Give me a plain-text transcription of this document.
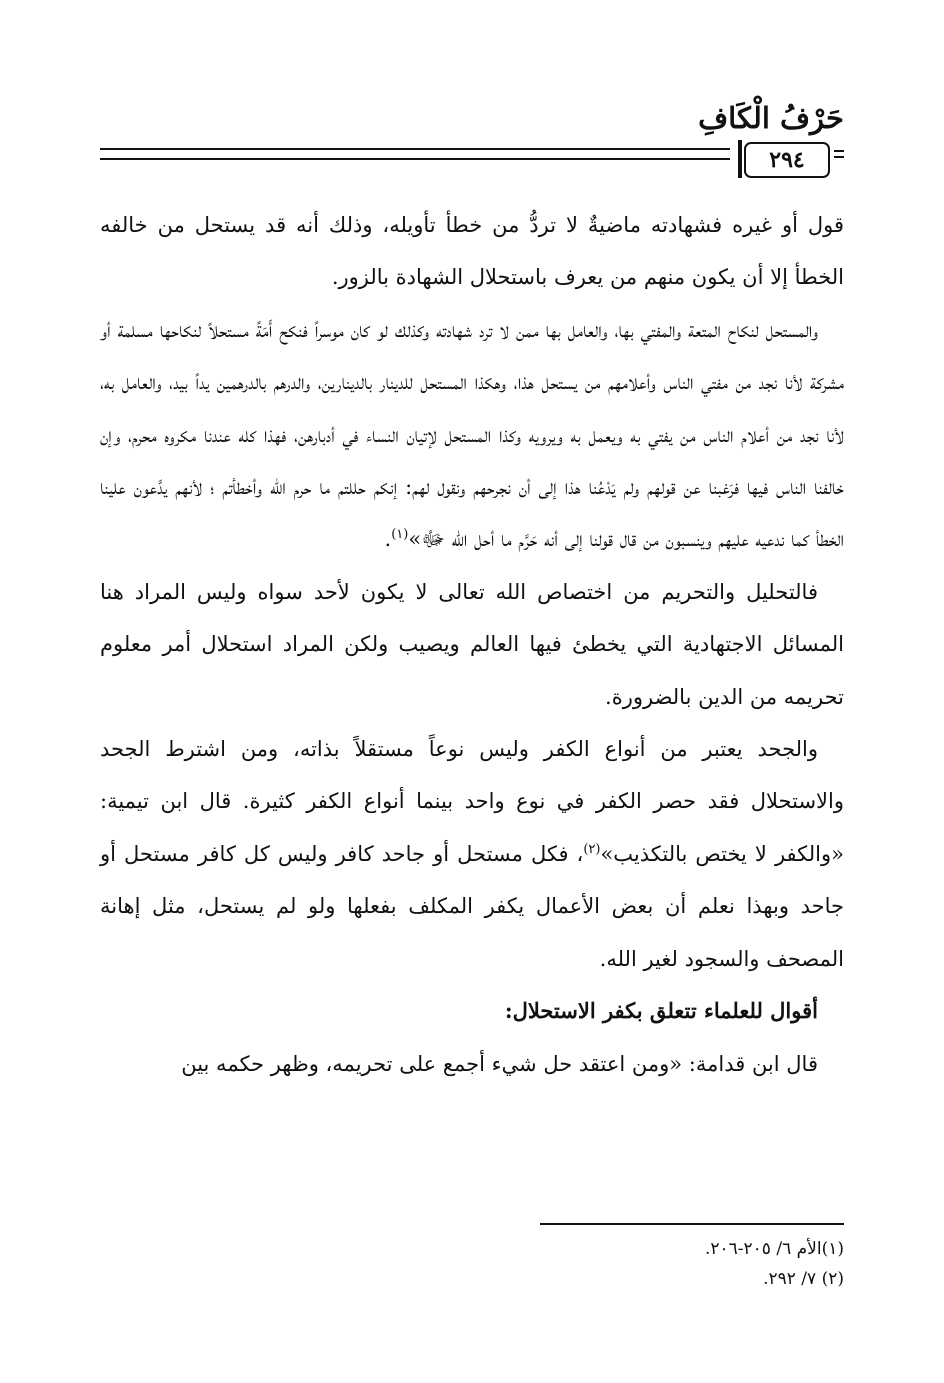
حَرْفُ الْكَافِ
٢٩٤

قول أو غيره فشهادته ماضيةٌ لا تردُّ من خطأ تأويله، وذلك أنه قد يستحل من خالفه الخطأ إلا أن يكون منهم من يعرف باستحلال الشهادة بالزور.

والمستحل لنكاح المتعة والمفتي بها، والعامل بها ممن لا ترد شهادته وكذلك لو كان موسراً فنكح أَمَةً مستحلاً لنكاحها مسلمة أو مشركة لأنا نجد من مفتي الناس وأعلامهم من يستحل هذا، وهكذا المستحل للدينار بالدينارين، والدرهم بالدرهمين يداً بيد، والعامل به، لأنا نجد من أعلام الناس من يفتي به ويعمل به ويرويه وكذا المستحل لإتيان النساء في أدبارهن، فهذا كله عندنا مكروه محرم، وإن خالفنا الناس فيها فرَغبنا عن قولهم ولم يَدْعُنا هذا إلى أن نجرحهم ونقول لهم: إنكم حللتم ما حرم الله وأخطأتم ؛ لأنهم يدَّعون علينا الخطأ كما ندعيه عليهم وينسبون من قال قولنا إلى أنه حَرَّم ما أحل الله ﷻ»$^{(١)}$.

فالتحليل والتحريم من اختصاص الله تعالى لا يكون لأحد سواه وليس المراد هنا المسائل الاجتهادية التي يخطئ فيها العالم ويصيب ولكن المراد استحلال أمر معلوم تحريمه من الدين بالضرورة.

والجحد يعتبر من أنواع الكفر وليس نوعاً مستقلاً بذاته، ومن اشترط الجحد والاستحلال فقد حصر الكفر في نوع واحد بينما أنواع الكفر كثيرة. قال ابن تيمية: «والكفر لا يختص بالتكذيب»$^{(٢)}$، فكل مستحل أو جاحد كافر وليس كل كافر مستحل أو جاحد وبهذا نعلم أن بعض الأعمال يكفر المكلف بفعلها ولو لم يستحل، مثل إهانة المصحف والسجود لغير الله.

أقوال للعلماء تتعلق بكفر الاستحلال:

قال ابن قدامة: «ومن اعتقد حل شيء أجمع على تحريمه، وظهر حكمه بين

(١)الأم ٦/ ٢٠٥-٢٠٦.

(٢) ٧/ ٢٩٢.
